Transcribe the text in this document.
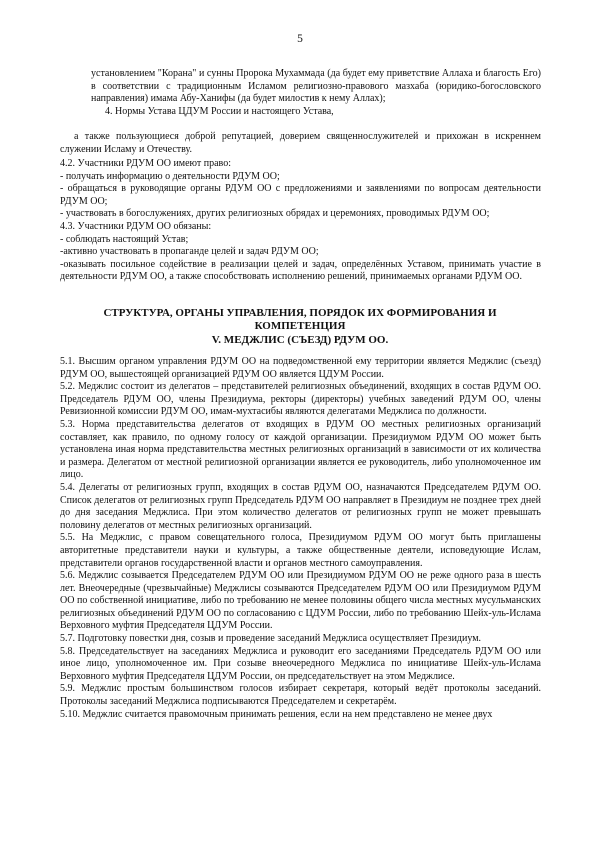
5

установлением "Корана" и сунны Пророка Мухаммада (да будет ему приветствие Аллаха и благость Его) в соответствии с традиционным Исламом религиозно-правового мазхаба (юридико-богословского направления) имама Абу-Ханифы (да будет милостив к нему Аллах);

4. Нормы Устава ЦДУМ России и настоящего Устава,

а также пользующиеся доброй репутацией, доверием священнослужителей и прихожан в искреннем служении Исламу и Отечеству.

4.2. Участники РДУМ ОО имеют право:

- получать информацию о деятельности РДУМ ОО;

- обращаться в руководящие органы РДУМ ОО с предложениями и заявлениями по вопросам деятельности РДУМ ОО;

- участвовать в богослужениях, других религиозных обрядах и церемониях, проводимых РДУМ ОО;

4.3. Участники РДУМ ОО обязаны:

- соблюдать настоящий Устав;

-активно участвовать в пропаганде целей и задач РДУМ ОО;

-оказывать посильное содействие в реализации целей и задач, определённых Уставом, принимать участие в деятельности РДУМ ОО, а также способствовать исполнению решений, принимаемых органами РДУМ ОО.

СТРУКТУРА, ОРГАНЫ УПРАВЛЕНИЯ, ПОРЯДОК ИХ ФОРМИРОВАНИЯ И
КОМПЕТЕНЦИЯ
V. МЕДЖЛИС (СЪЕЗД) РДУМ ОО.

5.1. Высшим органом управления РДУМ ОО на подведомственной ему территории является Меджлис (съезд) РДУМ ОО, вышестоящей организацией РДУМ ОО является ЦДУМ России.

5.2. Меджлис состоит из делегатов – представителей религиозных объединений, входящих в состав РДУМ ОО. Председатель РДУМ ОО, члены Президиума, ректоры (директоры) учебных заведений РДУМ ОО, члены Ревизионной комиссии РДУМ ОО, имам-мухтасибы являются делегатами Меджлиса по должности.

5.3. Норма представительства делегатов от входящих в РДУМ ОО местных религиозных организаций составляет, как правило, по одному голосу от каждой организации. Президиумом РДУМ ОО может быть установлена иная норма представительства местных религиозных организаций в зависимости от их количества и размера. Делегатом от местной религиозной организации является ее руководитель, либо уполномоченное им лицо.

5.4. Делегаты от религиозных групп, входящих в состав РДУМ ОО, назначаются Председателем РДУМ ОО. Список делегатов от религиозных групп Председатель РДУМ ОО направляет в Президиум не позднее трех дней до дня заседания Меджлиса. При этом количество делегатов от религиозных групп не может превышать половину делегатов от местных религиозных организаций.

5.5. На Меджлис, с правом совещательного голоса, Президиумом РДУМ ОО могут быть приглашены авторитетные представители науки и культуры, а также общественные деятели, исповедующие Ислам, представители органов государственной власти и органов местного самоуправления.

5.6. Меджлис созывается Председателем РДУМ ОО или Президиумом РДУМ ОО не реже одного раза в шесть лет. Внеочередные (чрезвычайные) Меджлисы созываются Председателем РДУМ ОО или Президиумом РДУМ ОО по собственной инициативе, либо по требованию не менее половины общего числа местных мусульманских религиозных объединений РДУМ ОО по согласованию с ЦДУМ России, либо по требованию Шейх-уль-Ислама Верховного муфтия Председателя ЦДУМ России.

5.7. Подготовку повестки дня, созыв и проведение заседаний Меджлиса осуществляет Президиум.

5.8. Председательствует на заседаниях Меджлиса и руководит его заседаниями Председатель РДУМ ОО или иное лицо, уполномоченное им. При созыве внеочередного Меджлиса по инициативе Шейх-уль-Ислама Верховного муфтия Председателя ЦДУМ России, он председательствует на этом Меджлисе.

5.9. Меджлис простым большинством голосов избирает секретаря, который ведёт протоколы заседаний. Протоколы заседаний Меджлиса подписываются Председателем и секретарём.

5.10. Меджлис считается правомочным принимать решения, если на нем представлено не менее двух
